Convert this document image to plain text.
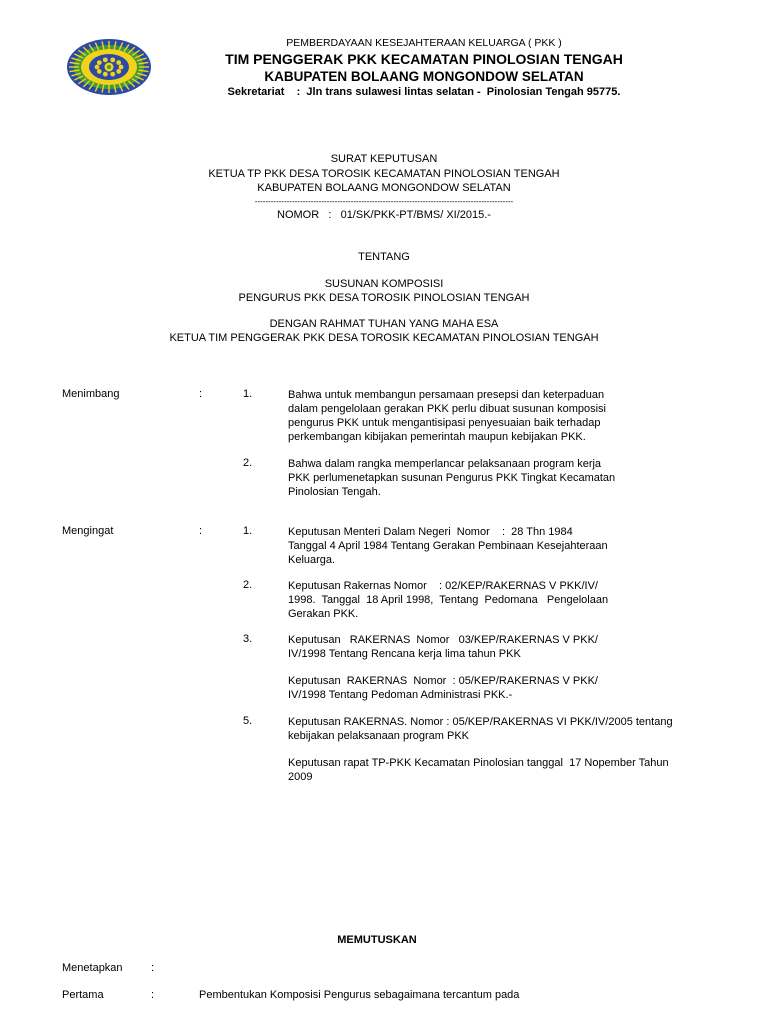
PEMBERDAYAAN KESEJAHTERAAN KELUARGA ( PKK )
TIM PENGGERAK PKK KECAMATAN PINOLOSIAN TENGAH
KABUPATEN BOLAANG MONGONDOW SELATAN
Sekretariat    :  Jln trans sulawesi lintas selatan -  Pinolosian Tengah 95775.
SURAT KEPUTUSAN
KETUA TP PKK DESA TOROSIK KECAMATAN PINOLOSIAN TENGAH
KABUPATEN BOLAANG MONGONDOW SELATAN
-------------------------------------------------------------------------------------------------
NOMOR   :   01/SK/PKK-PT/BMS/ XI/2015.-
TENTANG
SUSUNAN KOMPOSISI
PENGURUS PKK DESA TOROSIK PINOLOSIAN TENGAH
DENGAN RAHMAT TUHAN YANG MAHA ESA
KETUA TIM PENGGERAK PKK DESA TOROSIK KECAMATAN PINOLOSIAN TENGAH
Menimbang	:	1.	Bahwa untuk membangun persamaan presepsi dan keterpaduan
dalam pengelolaan gerakan PKK perlu dibuat susunan komposisi
pengurus PKK untuk mengantisipasi penyesuaian baik terhadap
perkembangan kibijakan pemerintah maupun kebijakan PKK.
2.	Bahwa dalam rangka memperlancar pelaksanaan program kerja
PKK perlumenetapkan susunan Pengurus PKK Tingkat Kecamatan
Pinolosian Tengah.
Mengingat	:	1.	Keputusan Menteri Dalam Negeri  Nomor    :  28 Thn 1984
Tanggal 4 April 1984 Tentang Gerakan Pembinaan Kesejahteraan
Keluarga.
2.	Keputusan Rakernas Nomor    : 02/KEP/RAKERNAS V PKK/IV/
1998.  Tanggal  18 April 1998,  Tentang  Pedomana   Pengelolaan
Gerakan PKK.
3.	Keputusan   RAKERNAS  Nomor   03/KEP/RAKERNAS V PKK/
IV/1998 Tentang Rencana kerja lima tahun PKK
Keputusan  RAKERNAS  Nomor  : 05/KEP/RAKERNAS V PKK/
IV/1998 Tentang Pedoman Administrasi PKK.-
5.	Keputusan RAKERNAS. Nomor : 05/KEP/RAKERNAS VI PKK/IV/2005 tentang
kebijakan pelaksanaan program PKK
Keputusan rapat TP-PKK Kecamatan Pinolosian tanggal  17 Nopember Tahun
2009
MEMUTUSKAN
Menetapkan	:
Pertama	:	Pembentukan Komposisi Pengurus sebagaimana tercantum pada
